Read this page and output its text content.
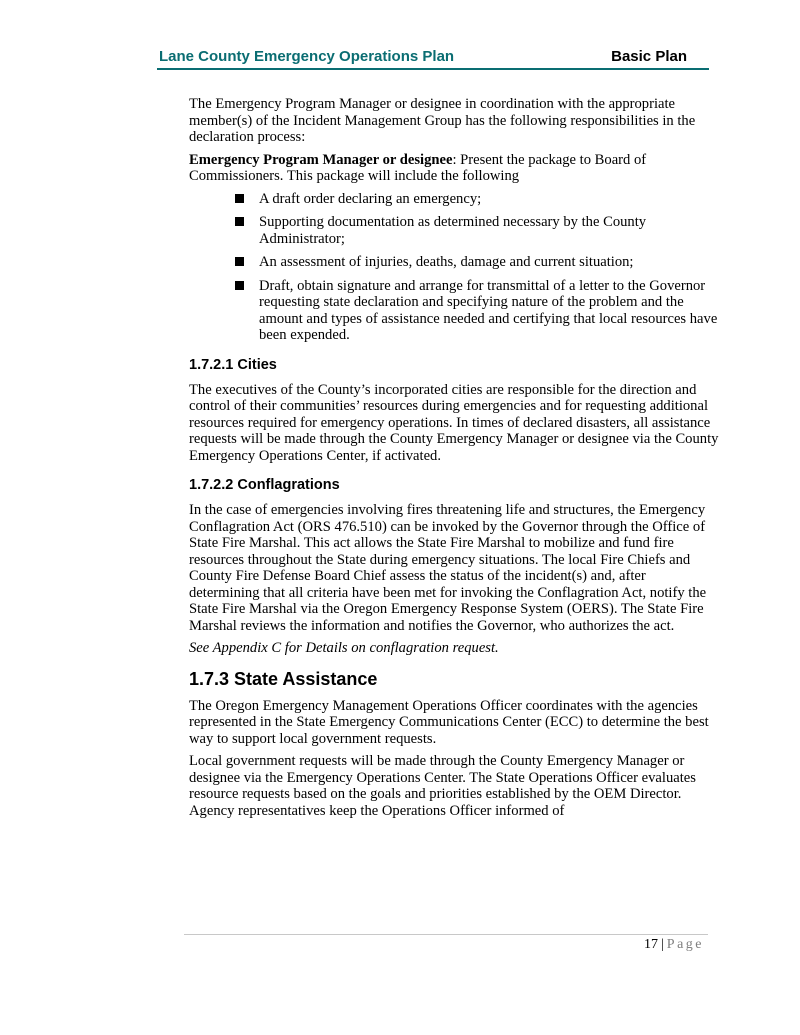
Lane County Emergency Operations Plan	Basic Plan

The Emergency Program Manager or designee in coordination with the appropriate member(s) of the Incident Management Group has the following responsibilities in the declaration process:

Emergency Program Manager or designee: Present the package to Board of Commissioners. This package will include the following

A draft order declaring an emergency;
Supporting documentation as determined necessary by the County Administrator;
An assessment of injuries, deaths, damage and current situation;
Draft, obtain signature and arrange for transmittal of a letter to the Governor requesting state declaration and specifying nature of the problem and the amount and types of assistance needed and certifying that local resources have been expended.
1.7.2.1 Cities

The executives of the County’s incorporated cities are responsible for the direction and control of their communities’ resources during emergencies and for requesting additional resources required for emergency operations. In times of declared disasters, all assistance requests will be made through the County Emergency Manager or designee via the County Emergency Operations Center, if activated.

1.7.2.2 Conflagrations

In the case of emergencies involving fires threatening life and structures, the Emergency Conflagration Act (ORS 476.510) can be invoked by the Governor through the Office of State Fire Marshal. This act allows the State Fire Marshal to mobilize and fund fire resources throughout the State during emergency situations. The local Fire Chiefs and County Fire Defense Board Chief assess the status of the incident(s) and, after determining that all criteria have been met for invoking the Conflagration Act, notify the State Fire Marshal via the Oregon Emergency Response System (OERS). The State Fire Marshal reviews the information and notifies the Governor, who authorizes the act.

See Appendix C for Details on conflagration request.

1.7.3 State Assistance

The Oregon Emergency Management Operations Officer coordinates with the agencies represented in the State Emergency Communications Center (ECC) to determine the best way to support local government requests.

Local government requests will be made through the County Emergency Manager or designee via the Emergency Operations Center. The State Operations Officer evaluates resource requests based on the goals and priorities established by the OEM Director. Agency representatives keep the Operations Officer informed of

17 | Page
